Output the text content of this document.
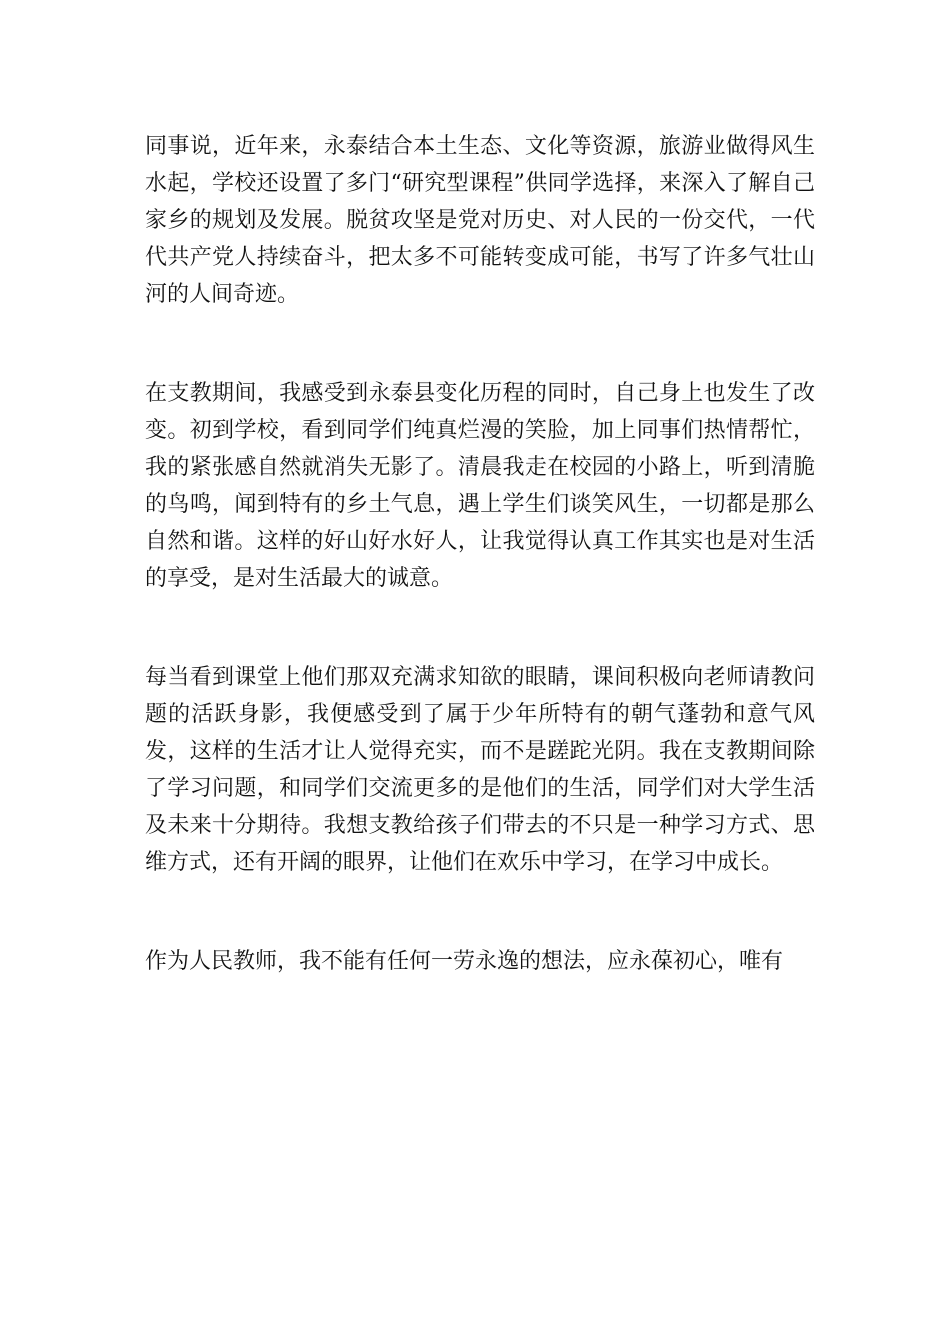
同事说，近年来，永泰结合本土生态、文化等资源，旅游业做得风生水起，学校还设置了多门“研究型课程”供同学选择，来深入了解自己家乡的规划及发展。脱贫攻坚是党对历史、对人民的一份交代，一代代共产党人持续奋斗，把太多不可能转变成可能，书写了许多气壮山河的人间奇迹。

在支教期间，我感受到永泰县变化历程的同时，自己身上也发生了改变。初到学校，看到同学们纯真烂漫的笑脸，加上同事们热情帮忙，我的紧张感自然就消失无影了。清晨我走在校园的小路上，听到清脆的鸟鸣，闻到特有的乡土气息，遇上学生们谈笑风生，一切都是那么自然和谐。这样的好山好水好人，让我觉得认真工作其实也是对生活的享受，是对生活最大的诚意。

每当看到课堂上他们那双充满求知欲的眼睛，课间积极向老师请教问题的活跃身影，我便感受到了属于少年所特有的朝气蓬勃和意气风发，这样的生活才让人觉得充实，而不是蹉跎光阴。我在支教期间除了学习问题，和同学们交流更多的是他们的生活，同学们对大学生活及未来十分期待。我想支教给孩子们带去的不只是一种学习方式、思维方式，还有开阔的眼界，让他们在欢乐中学习，在学习中成长。

作为人民教师，我不能有任何一劳永逸的想法，应永葆初心，唯有
